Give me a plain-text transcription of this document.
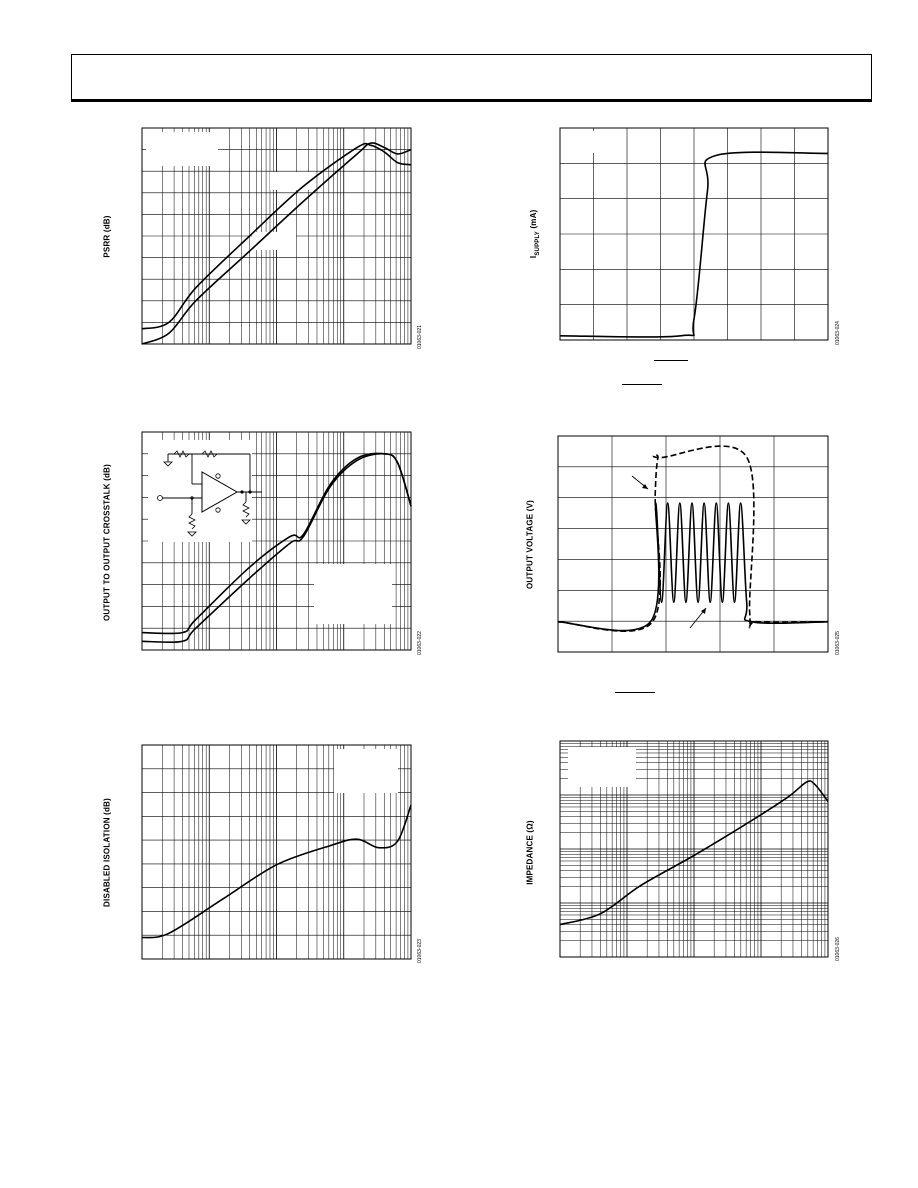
PSRR (dB)
01063-021
$I_{SUPPLY}$ (mA)
01063-024
OUTPUT TO OUTPUT CROSSTALK (dB)
01063-022
OUTPUT VOLTAGE (V)
01063-025
DISABLED ISOLATION (dB)
01063-023
IMPEDANCE (Ω)
01063-026
